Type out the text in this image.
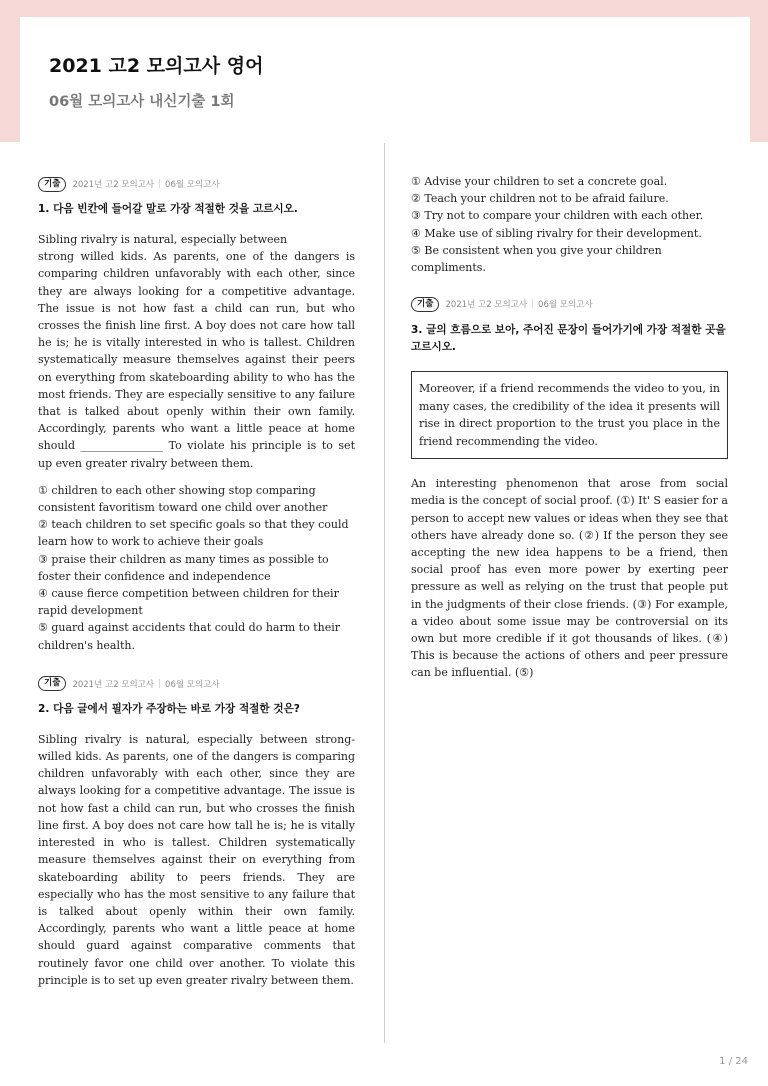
2021 고2 모의고사 영어
06월 모의고사 내신기출 1회
기출	2021년 고2 모의고사 | 06월 모의고사

1. 다음 빈칸에 들어갈 말로 가장 적절한 것을 고르시오.

Sibling rivalry is natural, especially between

strong willed kids. As parents, one of the dangers is comparing children unfavorably with each other, since they are always looking for a competitive advantage. The issue is not how fast a child can run, but who crosses the finish line first. A boy does not care how tall he is; he is vitally interested in who is tallest. Children systematically measure themselves against their peers on everything from skateboarding ability to who has the most friends. They are especially sensitive to any failure that is talked about openly within their own family. Accordingly, parents who want a little peace at home should _______________ To violate his principle is to set up even greater rivalry between them.

① children to each other showing stop comparing consistent favoritism toward one child over another

② teach children to set specific goals so that they could learn how to work to achieve their goals

③ praise their children as many times as possible to foster their confidence and independence

④ cause fierce competition between children for their rapid development

⑤ guard against accidents that could do harm to their children's health.

기출	2021년 고2 모의고사 | 06월 모의고사

2. 다음 글에서 필자가 주장하는 바로 가장 적절한 것은?

Sibling rivalry is natural, especially between strong-willed kids. As parents, one of the dangers is comparing children unfavorably with each other, since they are always looking for a competitive advantage. The issue is not how fast a child can run, but who crosses the finish line first. A boy does not care how tall he is; he is vitally interested in who is tallest. Children systematically measure themselves against their on everything from skateboarding ability to peers friends. They are especially who has the most sensitive to any failure that is talked about openly within their own family. Accordingly, parents who want a little peace at home should guard against comparative comments that routinely favor one child over another. To violate this principle is to set up even greater rivalry between them.

① Advise your children to set a concrete goal.

② Teach your children not to be afraid failure.

③ Try not to compare your children with each other.

④ Make use of sibling rivalry for their development.

⑤ Be consistent when you give your children compliments.

기출	2021년 고2 모의고사 | 06월 모의고사

3. 글의 흐름으로 보아, 주어진 문장이 들어가기에 가장 적절한 곳을 고르시오.

Moreover, if a friend recommends the video to you, in many cases, the credibility of the idea it presents will rise in direct proportion to the trust you place in the friend recommending the video.

An interesting phenomenon that arose from social media is the concept of social proof. (①) It' S easier for a person to accept new values or ideas when they see that others have already done so. (②) If the person they see accepting the new idea happens to be a friend, then social proof has even more power by exerting peer pressure as well as relying on the trust that people put in the judgments of their close friends. (③) For example, a video about some issue may be controversial on its own but more credible if it got thousands of likes. (④) This is because the actions of others and peer pressure can be influential. (⑤)

1 / 24
